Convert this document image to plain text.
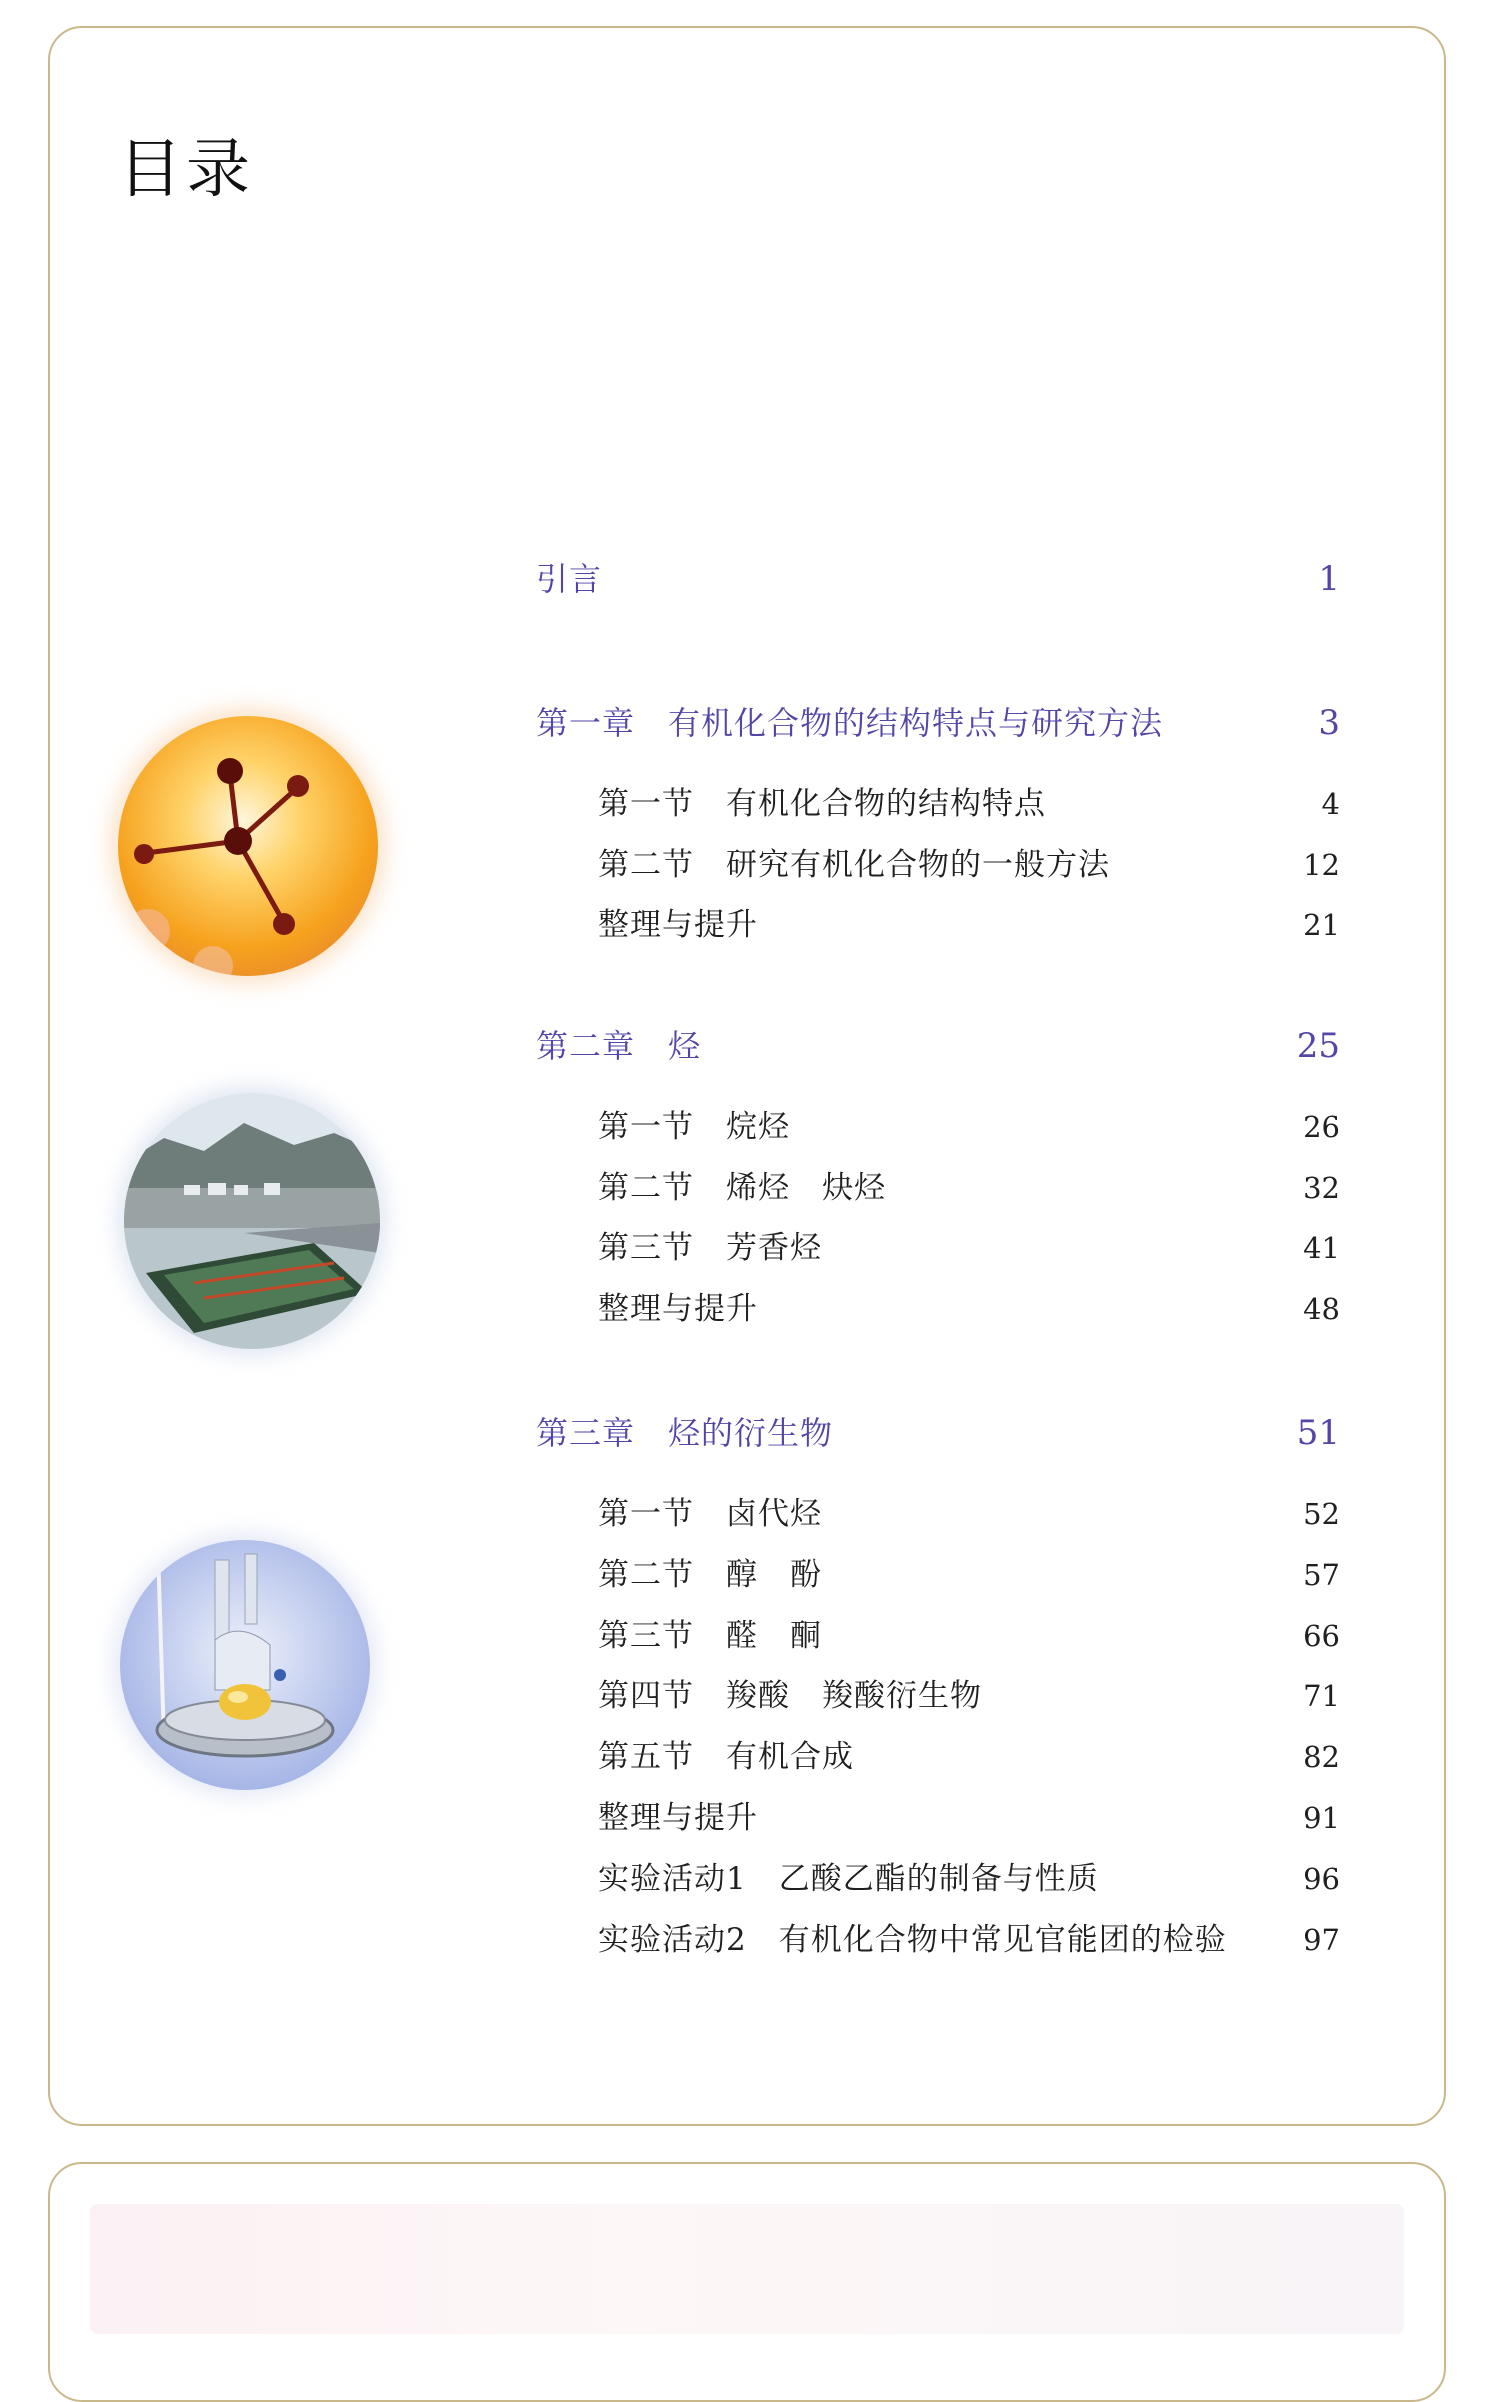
目录
引言	1
第一章　有机化合物的结构特点与研究方法	3
第一节　有机化合物的结构特点	4
第二节　研究有机化合物的一般方法	12
整理与提升	21
第二章　烃	25
第一节　烷烃	26
第二节　烯烃　炔烃	32
第三节　芳香烃	41
整理与提升	48
第三章　烃的衍生物	51
第一节　卤代烃	52
第二节　醇　酚	57
第三节　醛　酮	66
第四节　羧酸　羧酸衍生物	71
第五节　有机合成	82
整理与提升	91
实验活动1　乙酸乙酯的制备与性质	96
实验活动2　有机化合物中常见官能团的检验	97
